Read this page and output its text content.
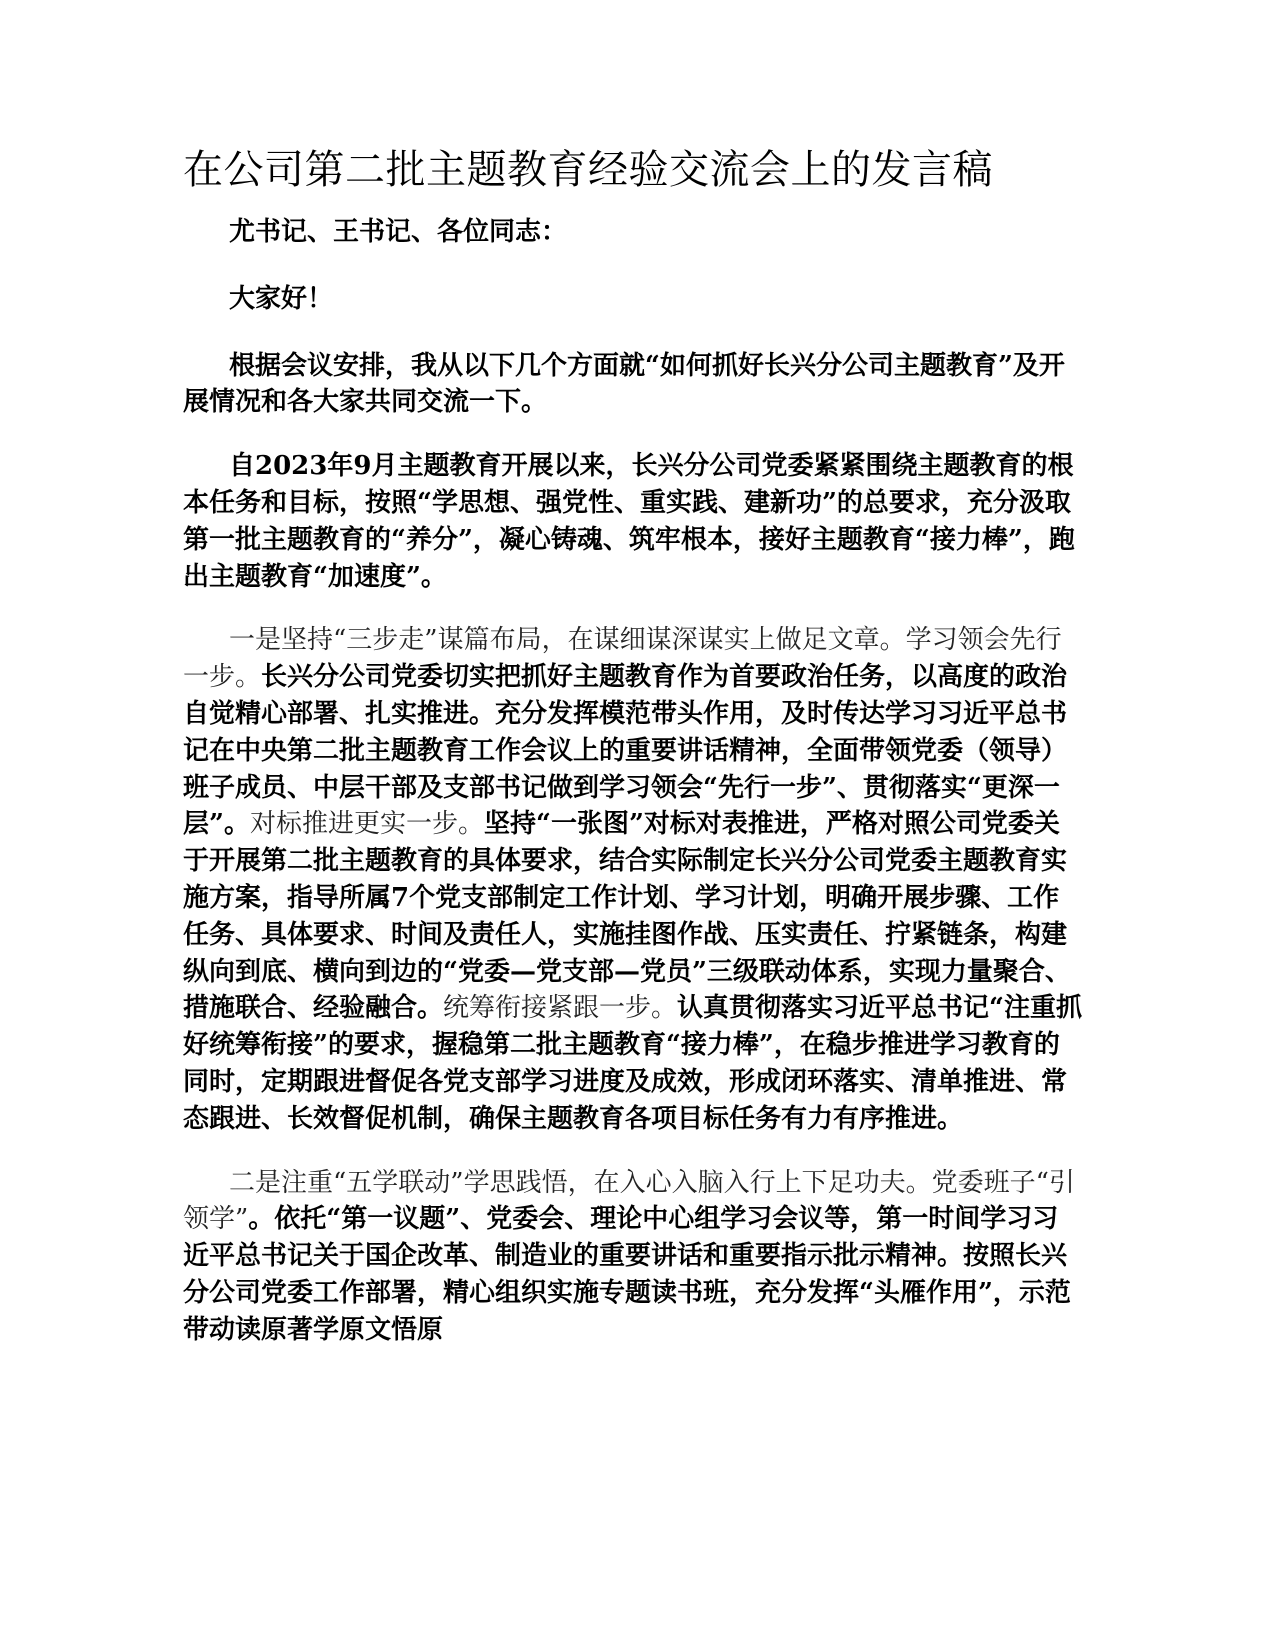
在公司第二批主题教育经验交流会上的发言稿

尤书记、王书记、各位同志：

大家好！

根据会议安排，我从以下几个方面就“如何抓好长兴分公司主题教育”及开展情况和各大家共同交流一下。

自2023年9月主题教育开展以来，长兴分公司党委紧紧围绕主题教育的根本任务和目标，按照“学思想、强党性、重实践、建新功”的总要求，充分汲取第一批主题教育的“养分”，凝心铸魂、筑牢根本，接好主题教育“接力棒”，跑出主题教育“加速度”。

一是坚持“三步走”谋篇布局，在谋细谋深谋实上做足文章。学习领会先行一步。长兴分公司党委切实把抓好主题教育作为首要政治任务，以高度的政治自觉精心部署、扎实推进。充分发挥模范带头作用，及时传达学习习近平总书记在中央第二批主题教育工作会议上的重要讲话精神，全面带领党委（领导）班子成员、中层干部及支部书记做到学习领会“先行一步”、贯彻落实“更深一层”。对标推进更实一步。坚持“一张图”对标对表推进，严格对照公司党委关于开展第二批主题教育的具体要求，结合实际制定长兴分公司党委主题教育实施方案，指导所属7个党支部制定工作计划、学习计划，明确开展步骤、工作任务、具体要求、时间及责任人，实施挂图作战、压实责任、拧紧链条，构建纵向到底、横向到边的“党委—党支部—党员”三级联动体系，实现力量聚合、措施联合、经验融合。统筹衔接紧跟一步。认真贯彻落实习近平总书记“注重抓好统筹衔接”的要求，握稳第二批主题教育“接力棒”，在稳步推进学习教育的同时，定期跟进督促各党支部学习进度及成效，形成闭环落实、清单推进、常态跟进、长效督促机制，确保主题教育各项目标任务有力有序推进。

二是注重“五学联动”学思践悟，在入心入脑入行上下足功夫。党委班子“引领学”。依托“第一议题”、党委会、理论中心组学习会议等，第一时间学习习近平总书记关于国企改革、制造业的重要讲话和重要指示批示精神。按照长兴分公司党委工作部署，精心组织实施专题读书班，充分发挥“头雁作用”，示范带动读原著学原文悟原
